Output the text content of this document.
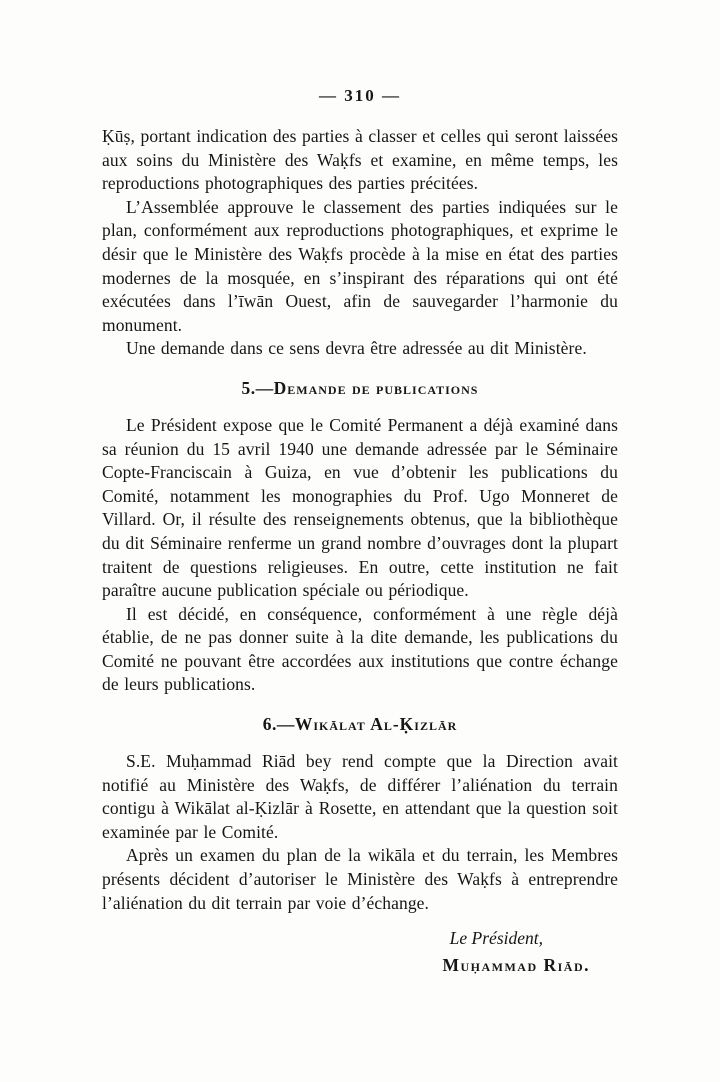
— 310 —

Ḳūṣ, portant indication des parties à classer et celles qui seront laissées aux soins du Ministère des Waḳfs et examine, en même temps, les reproductions photographiques des parties précitées.

L’Assemblée approuve le classement des parties indiquées sur le plan, conformément aux reproductions photographiques, et exprime le désir que le Ministère des Waḳfs procède à la mise en état des parties modernes de la mosquée, en s’inspirant des réparations qui ont été exécutées dans l’īwān Ouest, afin de sauvegarder l’harmonie du monument.

Une demande dans ce sens devra être adressée au dit Ministère.

5.—Demande de publications

Le Président expose que le Comité Permanent a déjà examiné dans sa réunion du 15 avril 1940 une demande adressée par le Séminaire Copte-Franciscain à Guiza, en vue d’obtenir les publications du Comité, notamment les monographies du Prof. Ugo Monneret de Villard. Or, il résulte des renseignements obtenus, que la bibliothèque du dit Séminaire renferme un grand nombre d’ouvrages dont la plupart traitent de questions religieuses. En outre, cette institution ne fait paraître aucune publication spéciale ou périodique.

Il est décidé, en conséquence, conformément à une règle déjà établie, de ne pas donner suite à la dite demande, les publications du Comité ne pouvant être accordées aux institutions que contre échange de leurs publications.

6.—Wikālat Al-Ḳizlār

S.E. Muḥammad Riād bey rend compte que la Direction avait notifié au Ministère des Waḳfs, de différer l’aliénation du terrain contigu à Wikālat al-Ḳizlār à Rosette, en attendant que la question soit examinée par le Comité.

Après un examen du plan de la wikāla et du terrain, les Membres présents décident d’autoriser le Ministère des Waḳfs à entreprendre l’aliénation du dit terrain par voie d’échange.

Le Président,
Muḥammad Riād.
